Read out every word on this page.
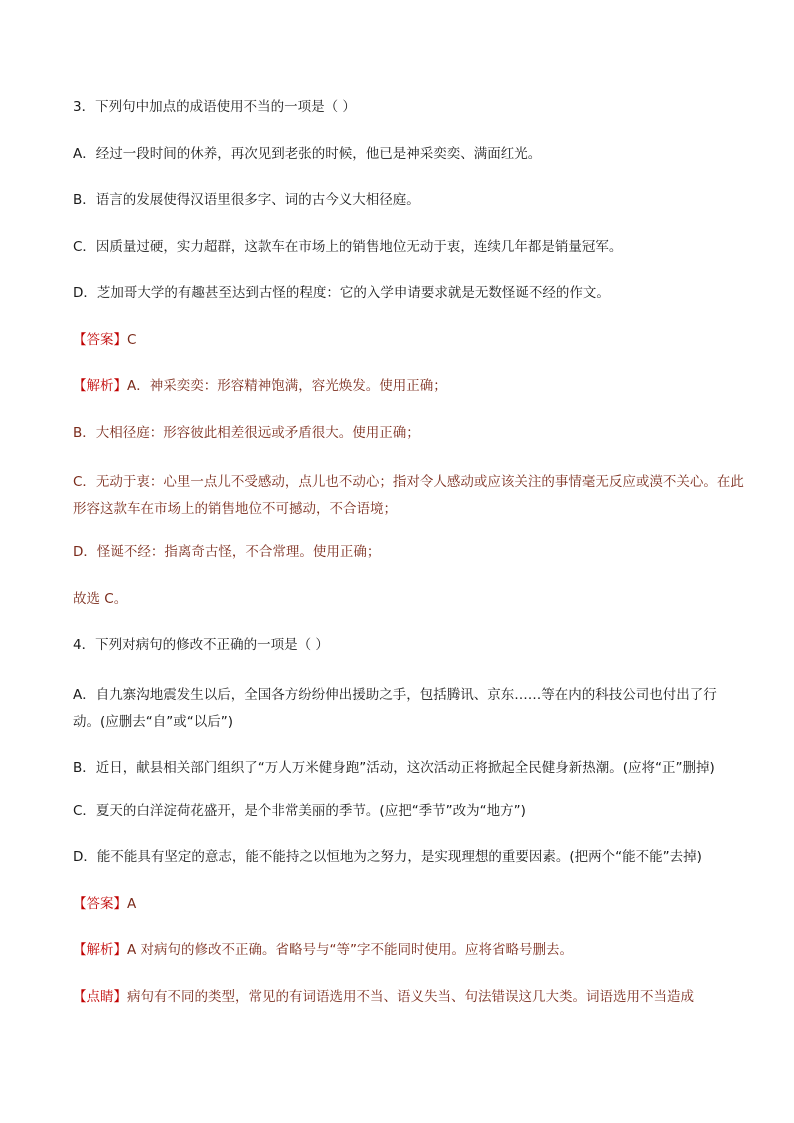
3．下列句中加点的成语使用不当的一项是（ ）
A．经过一段时间的休养，再次见到老张的时候，他已是神采奕奕、满面红光。
B．语言的发展使得汉语里很多字、词的古今义大相径庭。
C．因质量过硬，实力超群，这款车在市场上的销售地位无动于衷，连续几年都是销量冠军。
D．芝加哥大学的有趣甚至达到古怪的程度：它的入学申请要求就是无数怪诞不经的作文。
【答案】C
【解析】A．神采奕奕：形容精神饱满，容光焕发。使用正确；
B．大相径庭：形容彼此相差很远或矛盾很大。使用正确；
C．无动于衷：心里一点儿不受感动，点儿也不动心；指对令人感动或应该关注的事情毫无反应或漠不关心。在此形容这款车在市场上的销售地位不可撼动，不合语境；
D．怪诞不经：指离奇古怪，不合常理。使用正确；
故选 C。
4．下列对病句的修改不正确的一项是（ ）
A．自九寨沟地震发生以后，全国各方纷纷伸出援助之手，包括腾讯、京东……等在内的科技公司也付出了行动。(应删去“自”或“以后”)
B．近日，献县相关部门组织了“万人万米健身跑”活动，这次活动正将掀起全民健身新热潮。(应将“正”删掉)
C．夏天的白洋淀荷花盛开，是个非常美丽的季节。(应把“季节”改为“地方”)
D．能不能具有坚定的意志，能不能持之以恒地为之努力，是实现理想的重要因素。(把两个“能不能”去掉)
【答案】A
【解析】A 对病句的修改不正确。省略号与“等”字不能同时使用。应将省略号删去。
【点睛】病句有不同的类型，常见的有词语选用不当、语义失当、句法错误这几大类。词语选用不当造成
